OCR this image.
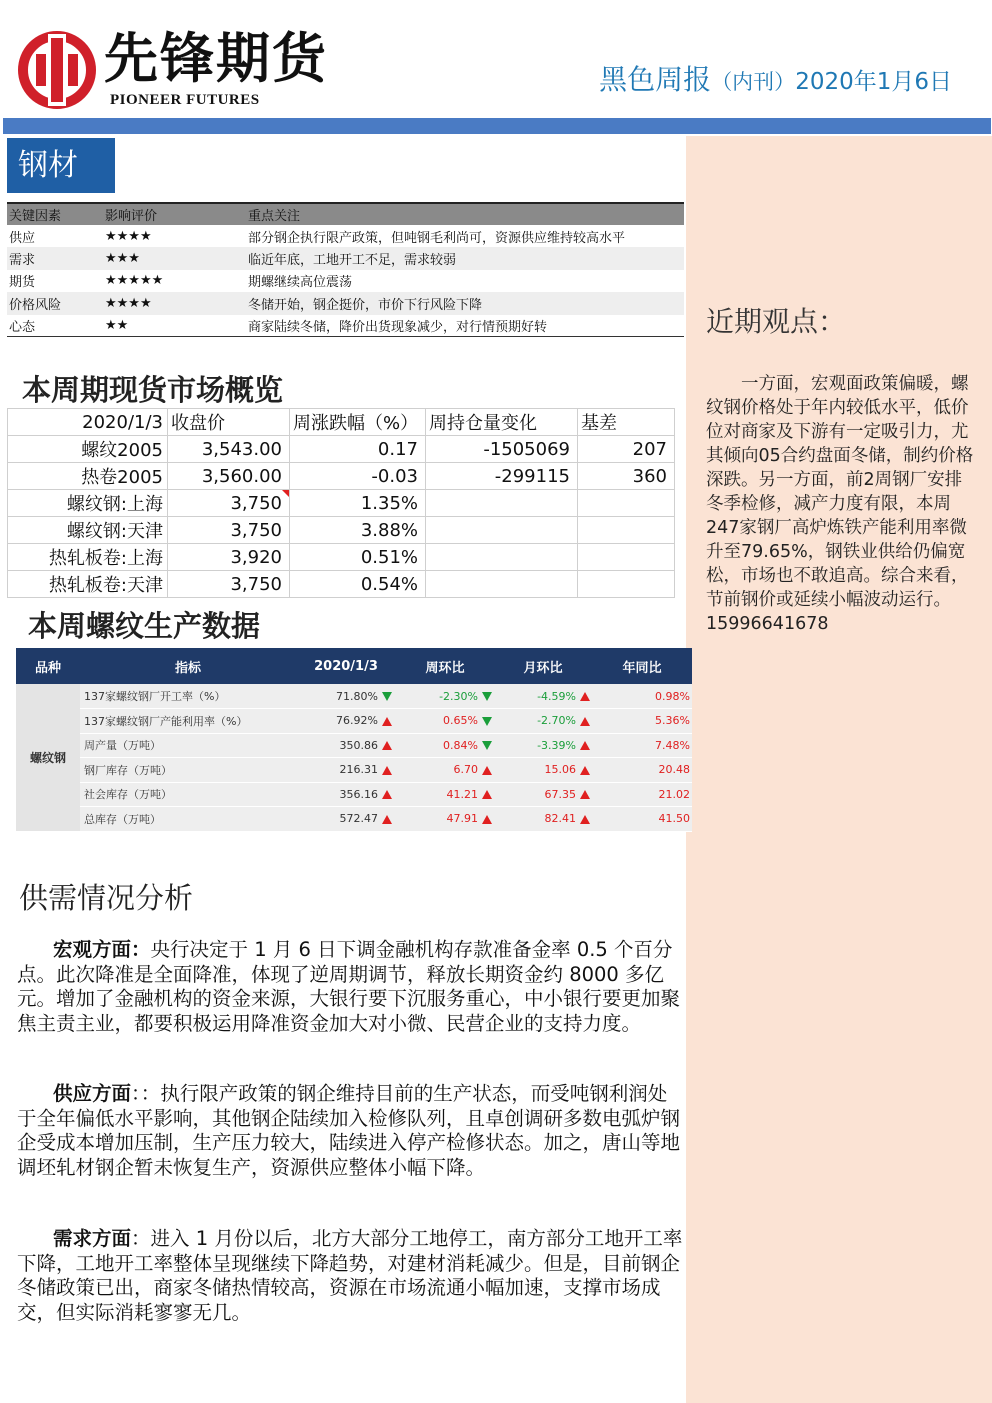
先锋期货
PIONEER FUTURES
黑色周报（内刊）2020年1月6日
近期观点：
  一方面，宏观面政策偏暖，螺纹钢价格处于年内较低水平，低价位对商家及下游有一定吸引力，尤其倾向05合约盘面冬储，制约价格深跌。另一方面，前2周钢厂安排冬季检修，减产力度有限，本周247家钢厂高炉炼铁产能利用率微升至79.65%，钢铁业供给仍偏宽松，市场也不敢追高。综合来看，节前钢价或延续小幅波动运行。15996641678
钢材
关键因素	影响评价	重点关注
供应	★★★★	部分钢企执行限产政策，但吨钢毛利尚可，资源供应维持较高水平
需求	★★★	临近年底，工地开工不足，需求较弱
期货	★★★★★	期螺继续高位震荡
价格风险	★★★★	冬储开始，钢企挺价，市价下行风险下降
心态	★★	商家陆续冬储，降价出货现象减少，对行情预期好转
本周期现货市场概览
2020/1/3	收盘价	周涨跌幅（%）	周持仓量变化	基差
螺纹2005	3,543.00	0.17	-1505069	207
热卷2005	3,560.00	-0.03	-299115	360
螺纹钢:上海	3,750	1.35%		
螺纹钢:天津	3,750	3.88%		
热轧板卷:上海	3,920	0.51%		
热轧板卷:天津	3,750	0.54%		
本周螺纹生产数据
品种	指标	2020/1/3	周环比	月环比	年同比
螺纹钢	137家螺纹钢厂开工率（%）	71.80%	-2.30%	-4.59%	0.98%
	137家螺纹钢厂产能利用率（%）	76.92%	0.65%	-2.70%	5.36%
	周产量（万吨）	350.86	0.84%	-3.39%	7.48%
	钢厂库存（万吨）	216.31	6.70	15.06	20.48
	社会库存（万吨）	356.16	41.21	67.35	21.02
	总库存（万吨）	572.47	47.91	82.41	41.50
供需情况分析
宏观方面：央行决定于 1 月 6 日下调金融机构存款准备金率 0.5 个百分点。此次降准是全面降准，体现了逆周期调节，释放长期资金约 8000 多亿元。增加了金融机构的资金来源，大银行要下沉服务重心，中小银行要更加聚焦主责主业，都要积极运用降准资金加大对小微、民营企业的支持力度。
供应方面：：执行限产政策的钢企维持目前的生产状态，而受吨钢利润处于全年偏低水平影响，其他钢企陆续加入检修队列，且卓创调研多数电弧炉钢企受成本增加压制，生产压力较大，陆续进入停产检修状态。加之，唐山等地调坯轧材钢企暂未恢复生产，资源供应整体小幅下降。
需求方面：进入 1 月份以后，北方大部分工地停工，南方部分工地开工率下降，工地开工率整体呈现继续下降趋势，对建材消耗减少。但是，目前钢企冬储政策已出，商家冬储热情较高，资源在市场流通小幅加速，支撑市场成交，但实际消耗寥寥无几。
